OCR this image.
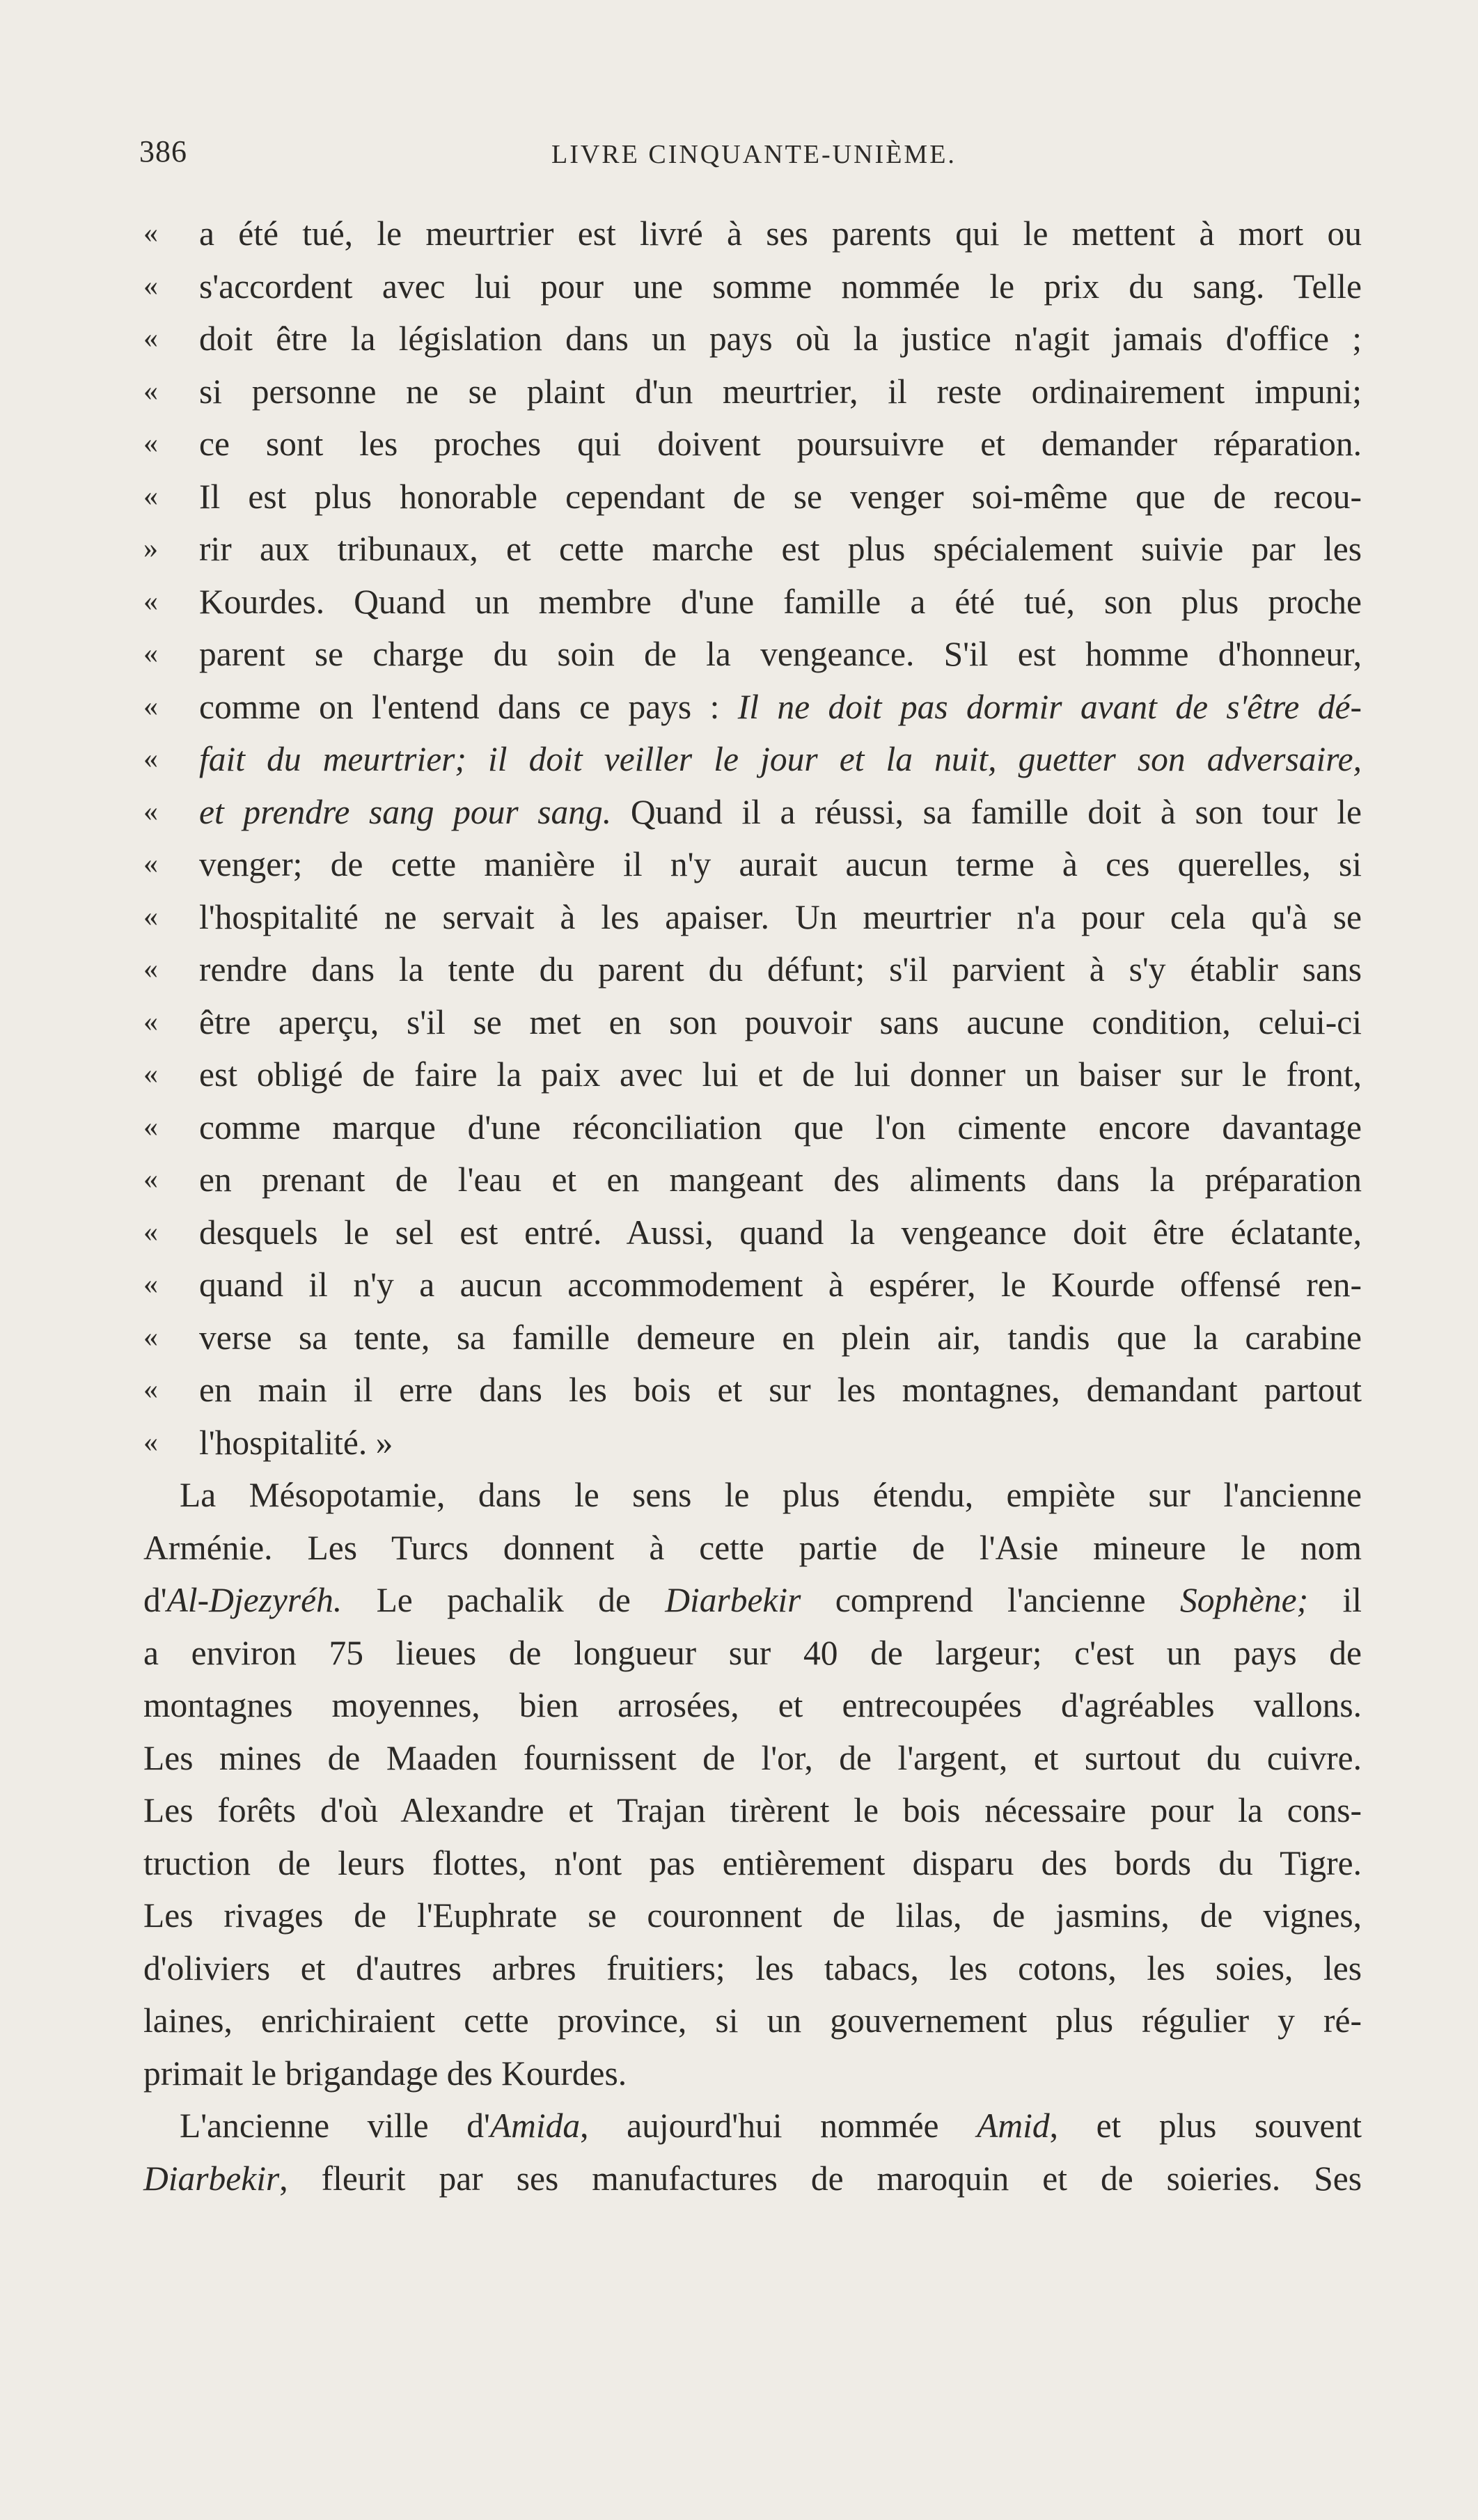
386	LIVRE CINQUANTE-UNIÈME.
«	a été tué, le meurtrier est livré à ses parents qui le mettent à mort ou
«	s'accordent avec lui pour une somme nommée le prix du sang. Telle
«	doit être la législation dans un pays où la justice n'agit jamais d'office ;
«	si personne ne se plaint d'un meurtrier, il reste ordinairement impuni;
«	ce sont les proches qui doivent poursuivre et demander réparation.
«	Il est plus honorable cependant de se venger soi-même que de recou-
»	rir aux tribunaux, et cette marche est plus spécialement suivie par les
«	Kourdes. Quand un membre d'une famille a été tué, son plus proche
«	parent se charge du soin de la vengeance. S'il est homme d'honneur,
«	comme on l'entend dans ce pays : Il ne doit pas dormir avant de s'être dé-
«	fait du meurtrier; il doit veiller le jour et la nuit, guetter son adversaire,
«	et prendre sang pour sang. Quand il a réussi, sa famille doit à son tour le
«	venger; de cette manière il n'y aurait aucun terme à ces querelles, si
«	l'hospitalité ne servait à les apaiser. Un meurtrier n'a pour cela qu'à se
«	rendre dans la tente du parent du défunt; s'il parvient à s'y établir sans
«	être aperçu, s'il se met en son pouvoir sans aucune condition, celui-ci
«	est obligé de faire la paix avec lui et de lui donner un baiser sur le front,
«	comme marque d'une réconciliation que l'on cimente encore davantage
«	en prenant de l'eau et en mangeant des aliments dans la préparation
«	desquels le sel est entré. Aussi, quand la vengeance doit être éclatante,
«	quand il n'y a aucun accommodement à espérer, le Kourde offensé ren-
«	verse sa tente, sa famille demeure en plein air, tandis que la carabine
«	en main il erre dans les bois et sur les montagnes, demandant partout
«	l'hospitalité. »
La Mésopotamie, dans le sens le plus étendu, empiète sur l'ancienne
Arménie. Les Turcs donnent à cette partie de l'Asie mineure le nom
d'Al-Djezyréh. Le pachalik de Diarbekir comprend l'ancienne Sophène; il
a environ 75 lieues de longueur sur 40 de largeur; c'est un pays de
montagnes moyennes, bien arrosées, et entrecoupées d'agréables vallons.
Les mines de Maaden fournissent de l'or, de l'argent, et surtout du cuivre.
Les forêts d'où Alexandre et Trajan tirèrent le bois nécessaire pour la cons-
truction de leurs flottes, n'ont pas entièrement disparu des bords du Tigre.
Les rivages de l'Euphrate se couronnent de lilas, de jasmins, de vignes,
d'oliviers et d'autres arbres fruitiers; les tabacs, les cotons, les soies, les
laines, enrichiraient cette province, si un gouvernement plus régulier y ré-
primait le brigandage des Kourdes.
L'ancienne ville d'Amida, aujourd'hui nommée Amid, et plus souvent
Diarbekir, fleurit par ses manufactures de maroquin et de soieries. Ses
